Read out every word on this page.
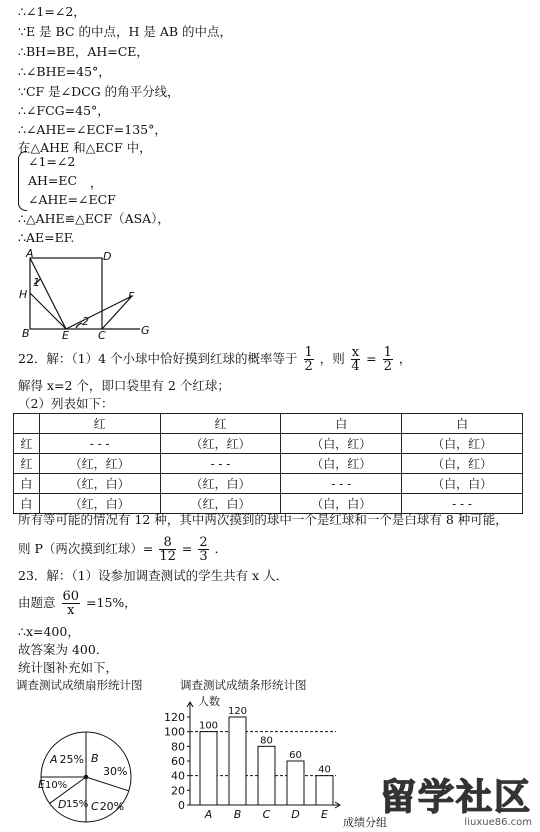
∴∠1=∠2，
∵E 是 BC 的中点，H 是 AB 的中点，
∴BH=BE，AH=CE，
∴∠BHE=45°，
∵CF 是∠DCG 的角平分线，
∴∠FCG=45°，
∴∠AHE=∠ECF=135°，
在△AHE 和△ECF 中，
∠1=∠2
AH=EC ，
∠AHE=∠ECF
∴△AHE≌△ECF（ASA），
∴AE=EF.
A	D
H
1
2
F
B	E	C	G
22．解：（1）4 个小球中恰好摸到红球的概率等于 $\frac{1}{2}$ ，则 $\frac{x}{4} = \frac{1}{2}$ ，
解得 x=2 个，即口袋里有 2 个红球；
（2）列表如下：
	红	红	白	白
红	- - -	（红，红）	（白，红）	（白，红）
红	（红，红）	- - -	（白，红）	（白，红）
白	（红，白）	（红，白）	- - -	（白，白）
白	（红，白）	（红，白）	（白，白）	- - -
所有等可能的情况有 12 种，其中两次摸到的球中一个是红球和一个是白球有 8 种可能，
则 P（两次摸到红球）= $\frac{8}{12} = \frac{2}{3}$ ．
23．解：（1）设参加调查测试的学生共有 x 人．
由题意 $\frac{60}{x} =15\%$，
∴x=400，
故答案为 400．
统计图补充如下，
调查测试成绩扇形统计图
A 25% B
30%
C20%
D 15%
E10%
调查测试成绩条形统计图
人数
0
20
40
60
80
100
120
100
A
120
B
80
C
60
D
40
E
成绩分组
留学社区
liuxue86.com
